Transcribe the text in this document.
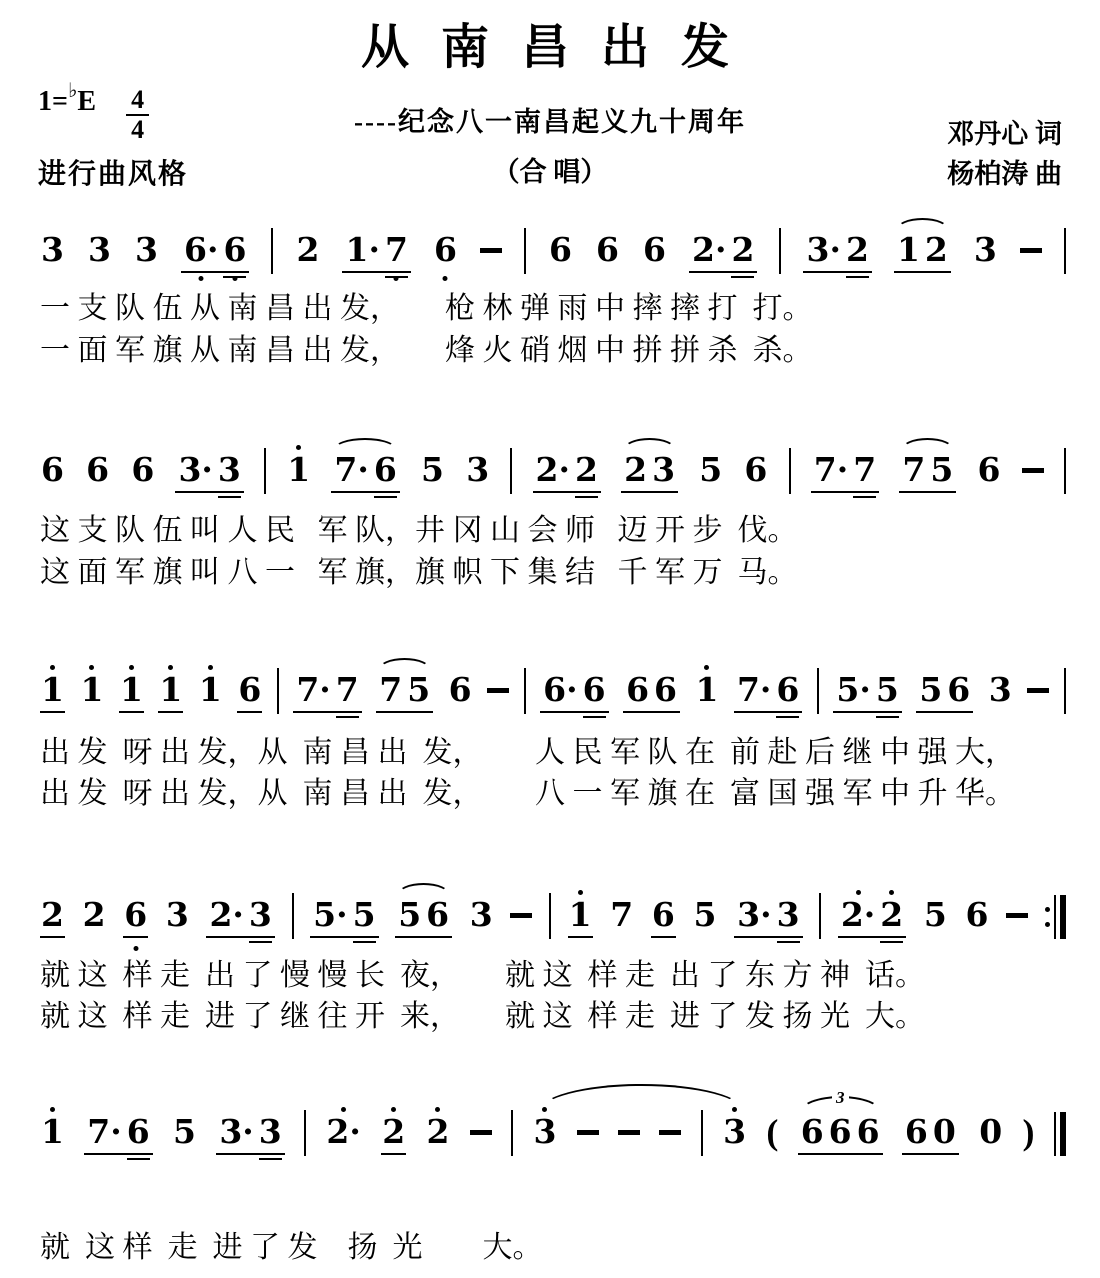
从 南 昌 出 发
1= ♭ E $\frac{4}{4}$	----纪念八一南昌起义九十周年	邓丹心 词
进行曲风格	（合 唱）	杨柏涛 曲
3 3 3 6· 6 2 1· 7 6	6 6 6 2· 2 3· 2 1 2 3
一 支 队 伍 从 南 昌 出 发，      枪 林 弹 雨 中 摔 摔 打  打。
一 面 军 旗 从 南 昌 出 发，      烽 火 硝 烟 中 拼 拼 杀  杀。
6 6 6 3· 3 1 7· 6 5 3 2· 2 2 3 5 6 7· 7 7 5 6
这 支 队 伍 叫 人 民   军 队，井 冈 山 会 师   迈 开 步  伐。
这 面 军 旗 叫 八 一   军 旗，旗 帜 下 集 结   千 军 万  马。
1 1 1 1 1 6 7· 7 7 5 6 6· 6 6 6 1 7· 6 5· 5 5 6 3
出 发  呀 出 发，从  南 昌 出  发，       人 民 军 队 在  前 赴 后 继 中 强 大，
出 发  呀 出 发，从  南 昌 出  发，       八 一 军 旗 在  富 国 强 军 中 升 华。
2 2 6 3 2· 3 5· 5 5 6 3 1 7 6 5 3· 3 2· 2 5 6
就 这  样 走  出 了 慢 慢 长  夜，      就 这  样 走  出 了 东 方 神  话。
就 这  样 走  进 了 继 往 开  来，      就 这  样 走  进 了 发 扬 光  大。
1 7· 6 5 3· 3 2· 2 2	3	3 ( 6 6 6 6 0 0 )
3
就  这 样  走  进 了 发    扬  光        大。
